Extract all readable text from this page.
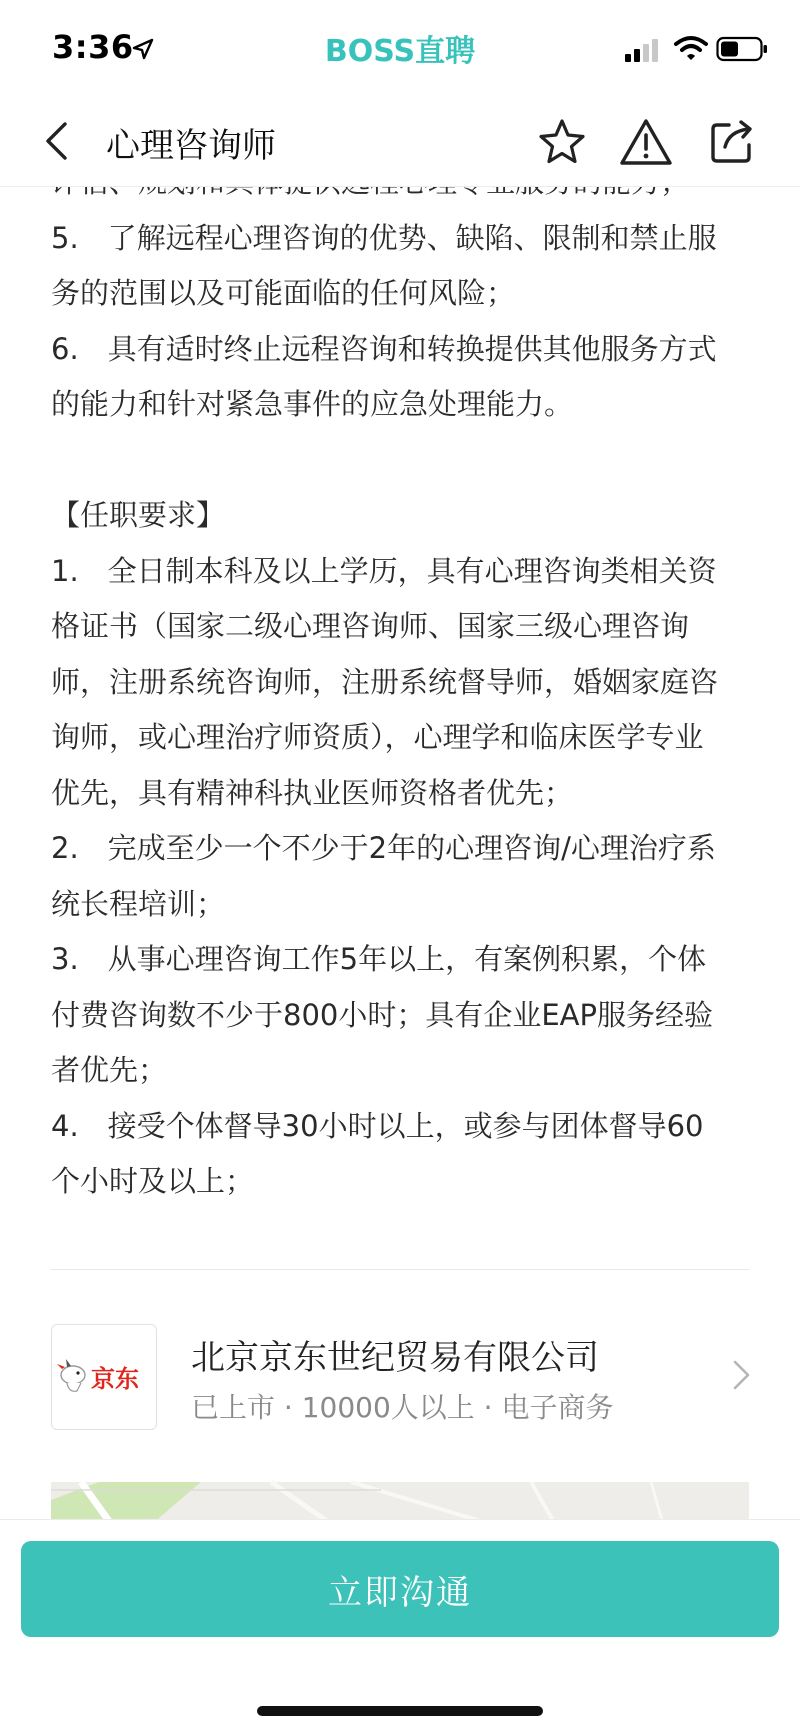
3:36	BOSS直聘
心理咨询师
5.　了解远程心理咨询的优势、缺陷、限制和禁止服
务的范围以及可能面临的任何风险；
6.　具有适时终止远程咨询和转换提供其他服务方式
的能力和针对紧急事件的应急处理能力。
【任职要求】
1.　全日制本科及以上学历，具有心理咨询类相关资
格证书（国家二级心理咨询师、国家三级心理咨询
师，注册系统咨询师，注册系统督导师，婚姻家庭咨
询师，或心理治疗师资质），心理学和临床医学专业
优先，具有精神科执业医师资格者优先；
2.　完成至少一个不少于2年的心理咨询/心理治疗系
统长程培训；
3.　从事心理咨询工作5年以上，有案例积累，个体
付费咨询数不少于800小时；具有企业EAP服务经验
者优先；
4.　接受个体督导30小时以上，或参与团体督导60
个小时及以上；
京东
北京京东世纪贸易有限公司
已上市 · 10000人以上 · 电子商务
立即沟通
